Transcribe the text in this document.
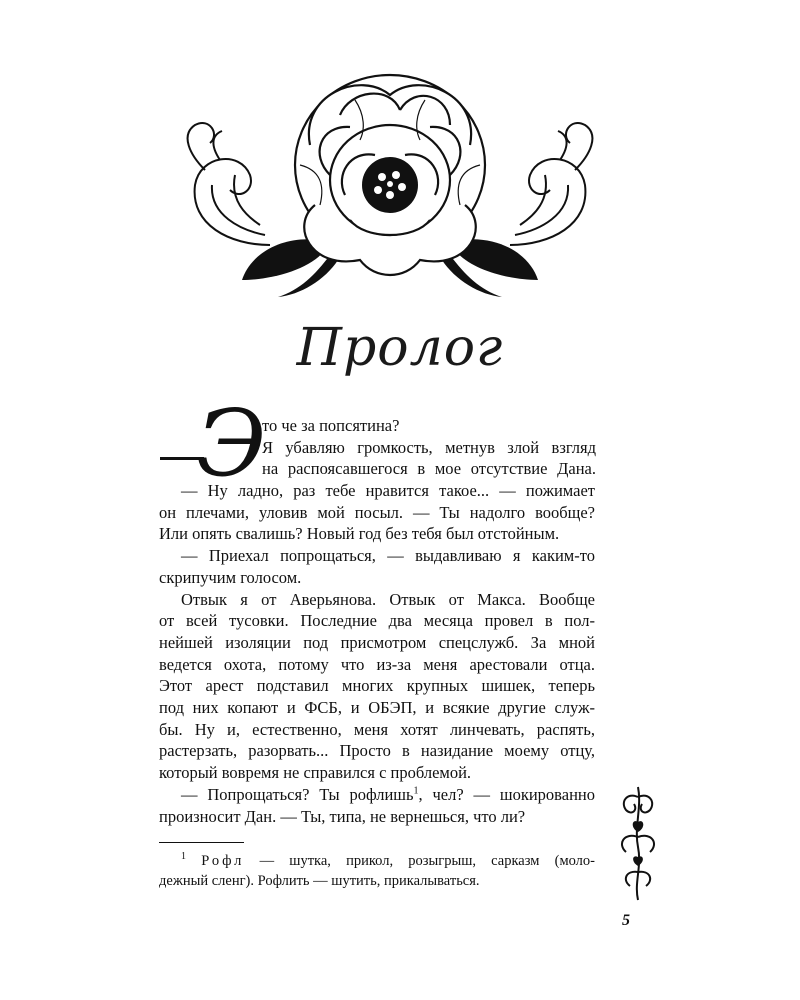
Пролог
Э
то че за попсятина?
Я убавляю громкость, метнув злой взгляд
на распоясавшегося в мое отсутствие Дана.
— Ну ладно, раз тебе нравится такое... — пожимает
он плечами, уловив мой посыл. — Ты надолго вообще?
Или опять свалишь? Новый год без тебя был отстойным.
— Приехал попрощаться, — выдавливаю я каким-то
скрипучим голосом.
Отвык я от Аверьянова. Отвык от Макса. Вообще
от всей тусовки. Последние два месяца провел в пол-
нейшей изоляции под присмотром спецслужб. За мной
ведется охота, потому что из-за меня арестовали отца.
Этот арест подставил многих крупных шишек, теперь
под них копают и ФСБ, и ОБЭП, и всякие другие служ-
бы. Ну и, естественно, меня хотят линчевать, распять,
растерзать, разорвать... Просто в назидание моему отцу,
который вовремя не справился с проблемой.
— Попрощаться? Ты рофлишь$^1$, чел? — шокированно
произносит Дан. — Ты, типа, не вернешься, что ли?
$^1$ Рофл — шутка, прикол, розыгрыш, сарказм (моло-
дежный сленг). Рофлить — шутить, прикалываться.
5
